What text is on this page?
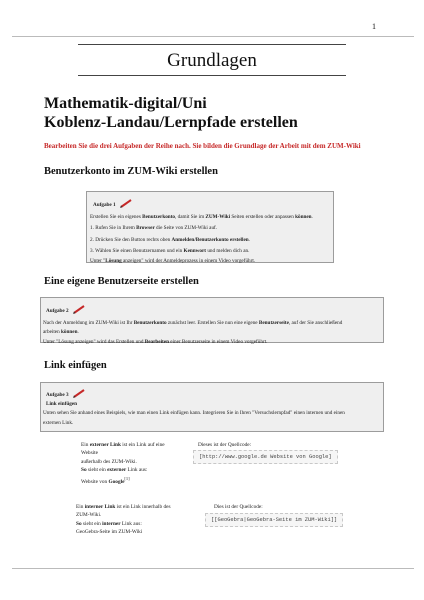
1
Grundlagen
Mathematik-digital/Uni
Koblenz-Landau/Lernpfade erstellen
Bearbeiten Sie die drei Aufgaben der Reihe nach. Sie bilden die Grundlage der Arbeit mit dem ZUM-Wiki
Benutzerkonto im ZUM-Wiki erstellen
Aufgabe 1
Erstellen Sie ein eigenes Benutzerkonto, damit Sie im ZUM-Wiki Seiten erstellen oder anpassen können.
1. Rufen Sie in Ihrem Browser die Seite von ZUM-Wiki auf.
2. Drücken Sie den Button rechts oben Anmelden/Benutzerkonto erstellen.
3. Wählen Sie einen Benutzernamen und ein Kennwort und melden dich an.
Unter "Lösung anzeigen" wird der Anmeldeprozess in einem Video vorgeführt.
Eine eigene Benutzerseite erstellen
Aufgabe 2
Nach der Anmeldung im ZUM-Wiki ist Ihr Benutzerkonto zunächst leer. Erstellen Sie nun eine eigene Benutzerseite, auf der Sie anschließend
arbeiten können.
Unter "Lösung anzeigen" wird das Erstellen und Bearbeiten einer Benutzerseite in einem Video vorgeführt.
Link einfügen
Aufgabe 3
Link einfügen
Unten sehen Sie anhand eines Beispiels, wie man einen Link einfügen kann. Integrieren Sie in Ihren "Versuchslernpfad" einen internen und einen
externen Link.
Ein externer Link ist ein Link auf eine
Website
außerhalb des ZUM-Wiki.
So sieht ein externer Link aus:
Website von Google[1]
Dieses ist der Quellcode:
[http://www.google.de Website von Google]
Ein interner Link ist ein Link innerhalb des
ZUM-Wiki.
So sieht ein interner Link aus:
GeoGebra-Seite im ZUM-Wiki
Dies ist der Quellcode:
[[GeoGebra|GeoGebra-Seite im ZUM-Wiki]]
